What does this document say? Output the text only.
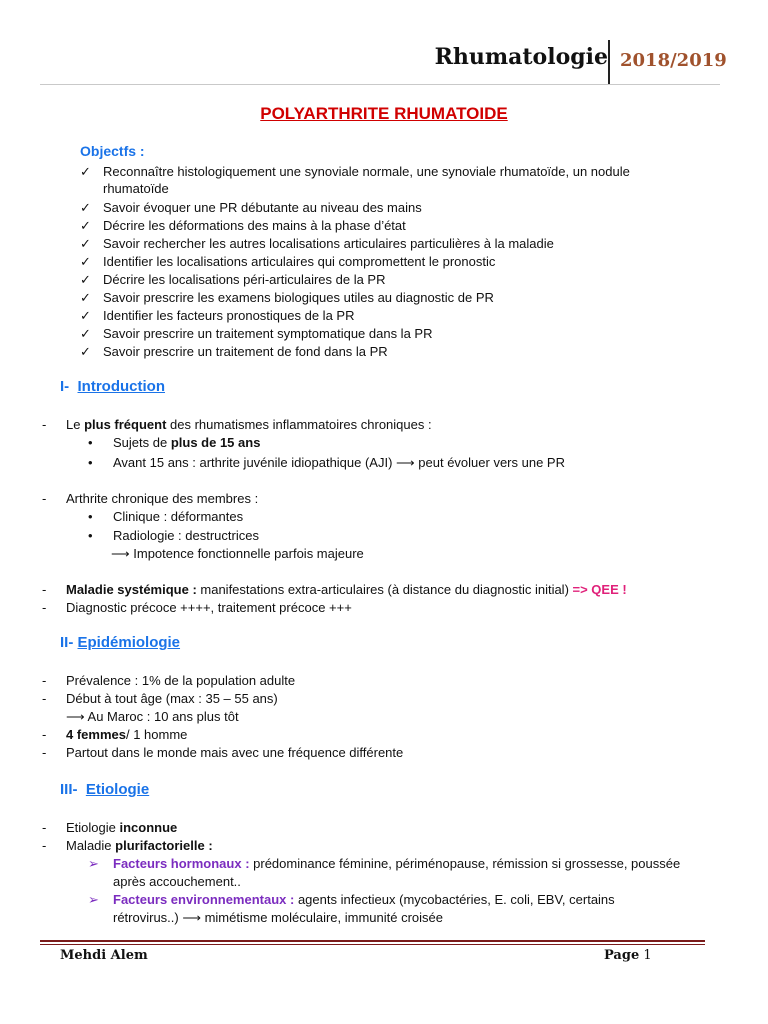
Rhumatologie 2018/2019
POLYARTHRITE RHUMATOIDE
Objectfs :
✓ Reconnaître histologiquement une synoviale normale, une synoviale rhumatoïde, un nodule rhumatoïde
✓ Savoir évoquer une PR débutante au niveau des mains
✓ Décrire les déformations des mains à la phase d’état
✓ Savoir rechercher les autres localisations articulaires particulières à la maladie
✓ Identifier les localisations articulaires qui compromettent le pronostic
✓ Décrire les localisations péri-articulaires de la PR
✓ Savoir prescrire les examens biologiques utiles au diagnostic de PR
✓ Identifier les facteurs pronostiques de la PR
✓ Savoir prescrire un traitement symptomatique dans la PR
✓ Savoir prescrire un traitement de fond dans la PR
I- Introduction
- Le plus fréquent des rhumatismes inflammatoires chroniques :
• Sujets de plus de 15 ans
• Avant 15 ans : arthrite juvénile idiopathique (AJI) ⟶ peut évoluer vers une PR
- Arthrite chronique des membres :
• Clinique : déformantes
• Radiologie : destructrices
⟶ Impotence fonctionnelle parfois majeure
- Maladie systémique : manifestations extra-articulaires (à distance du diagnostic initial) => QEE !
- Diagnostic précoce ++++, traitement précoce +++
II- Epidémiologie
- Prévalence : 1% de la population adulte
- Début à tout âge (max : 35 – 55 ans)
⟶ Au Maroc : 10 ans plus tôt
- 4 femmes/ 1 homme
- Partout dans le monde mais avec une fréquence différente
III- Etiologie
- Etiologie inconnue
- Maladie plurifactorielle :
➢ Facteurs hormonaux : prédominance féminine, périménopause, rémission si grossesse, poussée
après accouchement..
➢ Facteurs environnementaux : agents infectieux (mycobactéries, E. coli, EBV, certains
rétrovirus..) ⟶ mimétisme moléculaire, immunité croisée
Mehdi Alem	Page 1
